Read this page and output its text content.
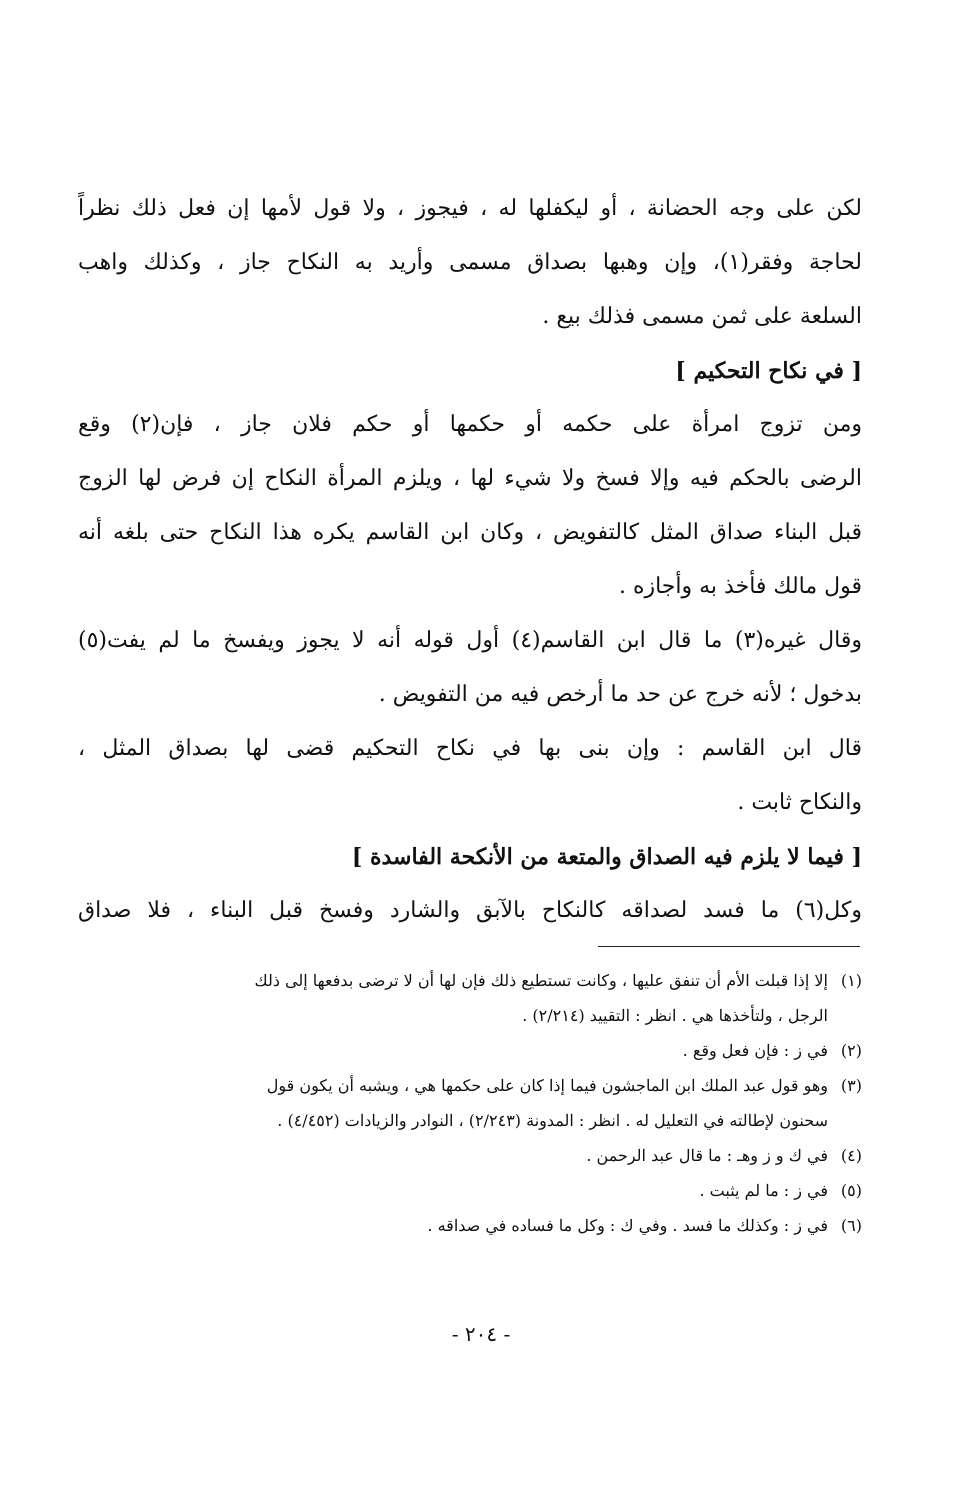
لكن على وجه الحضانة ، أو ليكفلها له ، فيجوز ، ولا قول لأمها إن فعل ذلك نظراً
لحاجة وفقر(١)، وإن وهبها بصداق مسمى وأريد به النكاح جاز ، وكذلك واهب
السلعة على ثمن مسمى فذلك بيع .
[ في نكاح التحكيم ]
ومن تزوج امرأة على حكمه أو حكمها أو حكم فلان جاز ، فإن(٢) وقع
الرضى بالحكم فيه وإلا فسخ ولا شيء لها ، ويلزم المرأة النكاح إن فرض لها الزوج
قبل البناء صداق المثل كالتفويض ، وكان ابن القاسم يكره هذا النكاح حتى بلغه أنه
قول مالك فأخذ به وأجازه .
وقال غيره(٣) ما قال ابن القاسم(٤) أول قوله أنه لا يجوز ويفسخ ما لم يفت(٥)
بدخول ؛ لأنه خرج عن حد ما أرخص فيه من التفويض .
قال ابن القاسم : وإن بنى بها في نكاح التحكيم قضى لها بصداق المثل ،
والنكاح ثابت .
[ فيما لا يلزم فيه الصداق والمتعة من الأنكحة الفاسدة ]
وكل(٦) ما فسد لصداقه كالنكاح بالآبق والشارد وفسخ قبل البناء ، فلا صداق
(١)إلا إذا قبلت الأم أن تنفق عليها ، وكانت تستطيع ذلك فإن لها أن لا ترضى بدفعها إلى ذلك
الرجل ، ولتأخذها هي . انظر : التقييد (٢/٢١٤) .
(٢)في ز : فإن فعل وقع .
(٣)وهو قول عبد الملك ابن الماجشون فيما إذا كان على حكمها هي ، ويشبه أن يكون قول
سحنون لإطالته في التعليل له . انظر : المدونة (٢/٢٤٣) ، النوادر والزيادات (٤/٤٥٢) .
(٤)في ك و ز وهـ : ما قال عبد الرحمن .
(٥)في ز : ما لم يثبت .
(٦)في ز : وكذلك ما فسد . وفي ك : وكل ما فساده في صداقه .
- ٢٠٤ -
